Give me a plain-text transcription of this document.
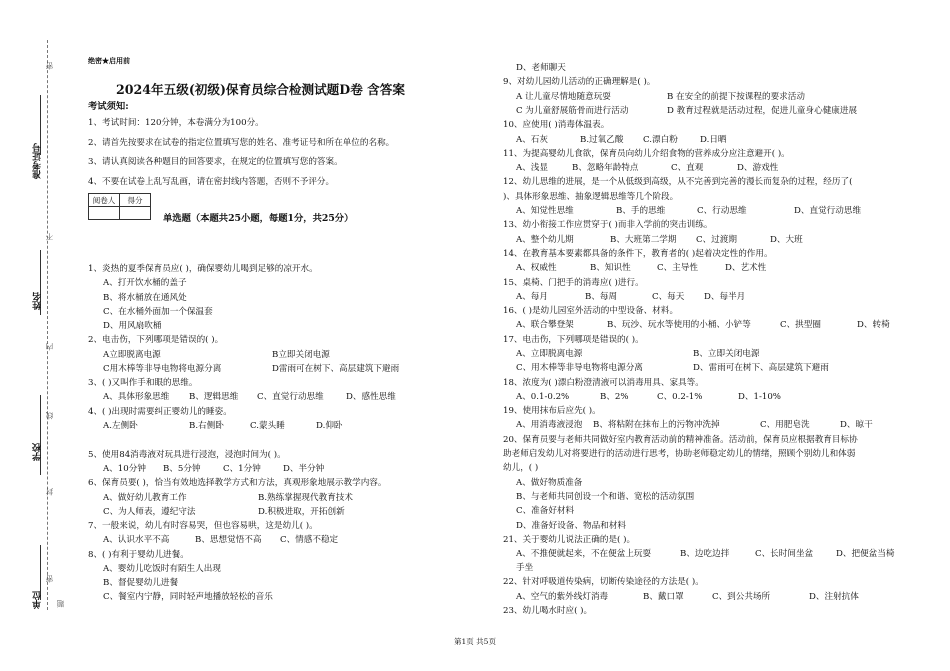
准考证号
姓名
学校
单位
密
不
内
线
封
题
密
绝密★启用前
2024年五级(初级)保育员综合检测试题D卷 含答案
考试须知:
1、考试时间：120分钟，本卷满分为100分。
2、请首先按要求在试卷的指定位置填写您的姓名、准考证号和所在单位的名称。
3、请认真阅读各种题目的回答要求，在规定的位置填写您的答案。
4、不要在试卷上乱写乱画，请在密封线内答题，否则不予评分。
阅卷人	得分

单选题（本题共25小题，每题1分，共25分）
1、炎热的夏季保育员应( )，确保婴幼儿喝到足够的凉开水。
A、打开饮水桶的盖子
B、将水桶放在通风处
C、在水桶外面加一个保温套
D、用风扇吹桶
2、电击伤，下列哪项是错误的( )。
A立即脱离电源	B立即关闭电源
C用木棒等非导电物将电源分离	D雷雨可在树下、高层建筑下避雨
3、( )又叫作手和眼的思维。
A、具体形象思维 B、逻辑思维 C、直觉行动思维	D、感性思维
4、( )出现时需要纠正婴幼儿的睡姿。
A.左侧卧	B.右侧卧	C.蒙头睡	D.仰卧
5、使用84消毒液对玩具进行浸泡，浸泡时间为( )。
A、10分钟 B、5分钟	C、1分钟	D、半分钟
6、保育员要( )，恰当有效地选择教学方式和方法，真观形象地展示教学内容。
A、做好幼儿教育工作	B.熟练掌握现代教育技术
C、为人师表，遵纪守法	D.积极进取，开拓创新
7、一般来说，幼儿有时容易哭，但也容易哄，这是幼儿( )。
A、认识水平不高	B、思想觉悟不高 C、情感不稳定
8、( )有利于婴幼儿进餐。
A、婴幼儿吃饭时有陌生人出现
B、督促婴幼儿进餐
C、餐室内宁静，同时轻声地播放轻松的音乐
D、老师聊天
9、对幼儿园幼儿活动的正确理解是( )。
A 让儿童尽情地随意玩耍	B 在安全的前提下按课程的要求活动
C 为儿童舒展筋骨而进行活动	D 教育过程就是活动过程，促进儿童身心健康进展
10、应使用( )消毒体温表。
A、石灰	B.过氧乙酸 C.漂白粉	D.日晒
11、为提高婴幼儿食欲，保育员向幼儿介绍食物的营养成分应注意避开( )。
A、浅显	B、忽略年龄特点	C、直观	D、游戏性
12、幼儿思维的进展，是一个从低级到高级，从不完善到完善的漫长而复杂的过程，经历了(
)、具体形象思维、抽象逻辑思维等几个阶段。
A、知觉性思维	B、手的思维	C、行动思维	D、直觉行动思维
13、幼小衔接工作应贯穿于( )而非入学前的突击训练。
A、整个幼儿期	B、大班第二学期 C、过渡期	D、大班
14、在教育基本要素都具备的条件下，教育者的( )起着决定性的作用。
A、权威性	B、知识性	C、主导性	D、艺术性
15、桌椅、门把手的消毒应( )进行。
A、每月	B、每周	C、每天 D、每半月
16、( )是幼儿园室外活动的中型设备、材料。
A、联合攀登架	B、玩沙、玩水等使用的小桶、小铲等	C、拱型圈	D、转椅
17、电击伤，下列哪项是错误的( )。
A、立即脱离电源	B、立即关闭电源
C、用木棒等非导电物将电源分离	D、雷雨可在树下、高层建筑下避雨
18、浓度为( )漂白粉澄清液可以消毒用具、家具等。
A、0.1-0.2%	B、2%	C、0.2-1%	D、1-10%
19、使用抹布后应先( )。
A、用消毒液浸泡 B、将粘附在抹布上的污物冲洗掉	C、用肥皂洗	D、晾干
20、保育员要与老师共同做好室内教育活动前的精神准备。活动前，保育员应根据教育目标协
助老师启发幼儿对将要进行的活动进行思考，协助老师稳定幼儿的情绪，照顾个别幼儿和体弱
幼儿，( )
A、做好物质准备
B、与老师共同创设一个和谐、宽松的活动氛围
C、准备好材料
D、准备好设备、物品和材料
21、关于婴幼儿说法正确的是( )。
A、不推便就起来，不在便盆上玩耍	B、边吃边拌	C、长时间坐盆	D、把便盆当椅
手坐
22、针对呼吸道传染病，切断传染途径的方法是( )。
A、空气的紫外线灯消毒	B、戴口罩	C、到公共场所	D、注射抗体
23、幼儿喝水时应( )。
第1页 共5页
